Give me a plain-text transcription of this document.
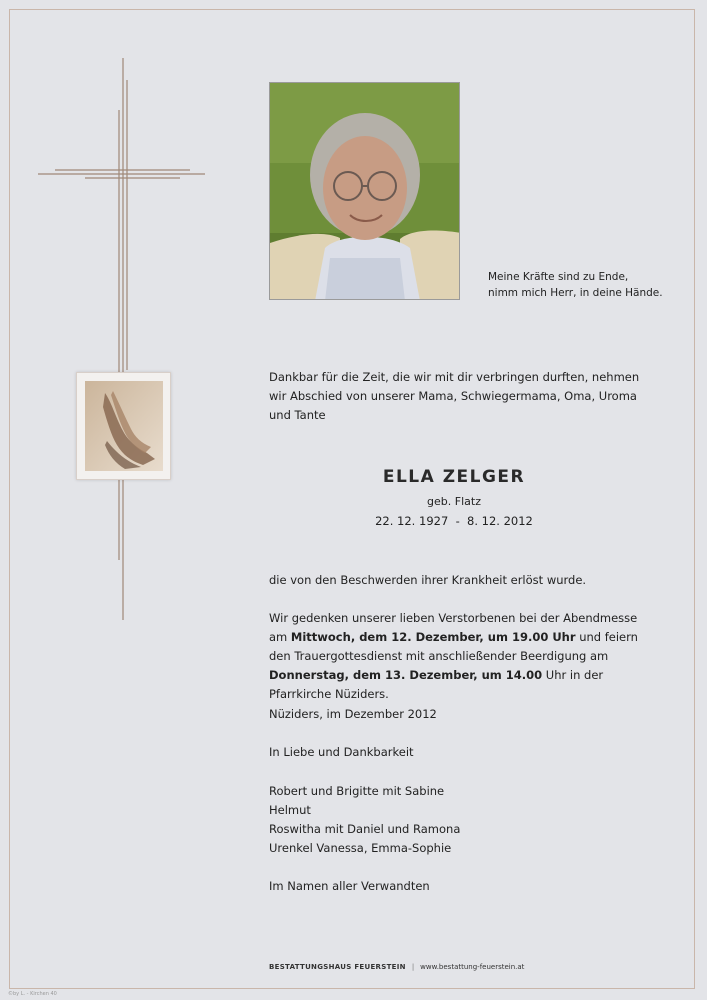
Meine Kräfte sind zu Ende,
nimm mich Herr, in deine Hände.
Dankbar für die Zeit, die wir mit dir verbringen durften, nehmen wir Abschied von unserer Mama, Schwiegermama, Oma, Uroma und Tante
ELLA ZELGER
geb. Flatz
22. 12. 1927  -  8. 12. 2012
die von den Beschwerden ihrer Krankheit erlöst wurde.
Wir gedenken unserer lieben Verstorbenen bei der Abendmesse am Mittwoch, dem 12. Dezember, um 19.00 Uhr und feiern den Trauergottesdienst mit anschließender Beerdigung am Donnerstag, dem 13. Dezember, um 14.00 Uhr in der Pfarrkirche Nüziders.
Nüziders, im Dezember 2012
In Liebe und Dankbarkeit
Robert und Brigitte mit Sabine
Helmut
Roswitha mit Daniel und Ramona
Urenkel Vanessa, Emma-Sophie
Im Namen aller Verwandten
BESTATTUNGSHAUS FEUERSTEIN | www.bestattung-feuerstein.at
©by L. - Kirchen 40
